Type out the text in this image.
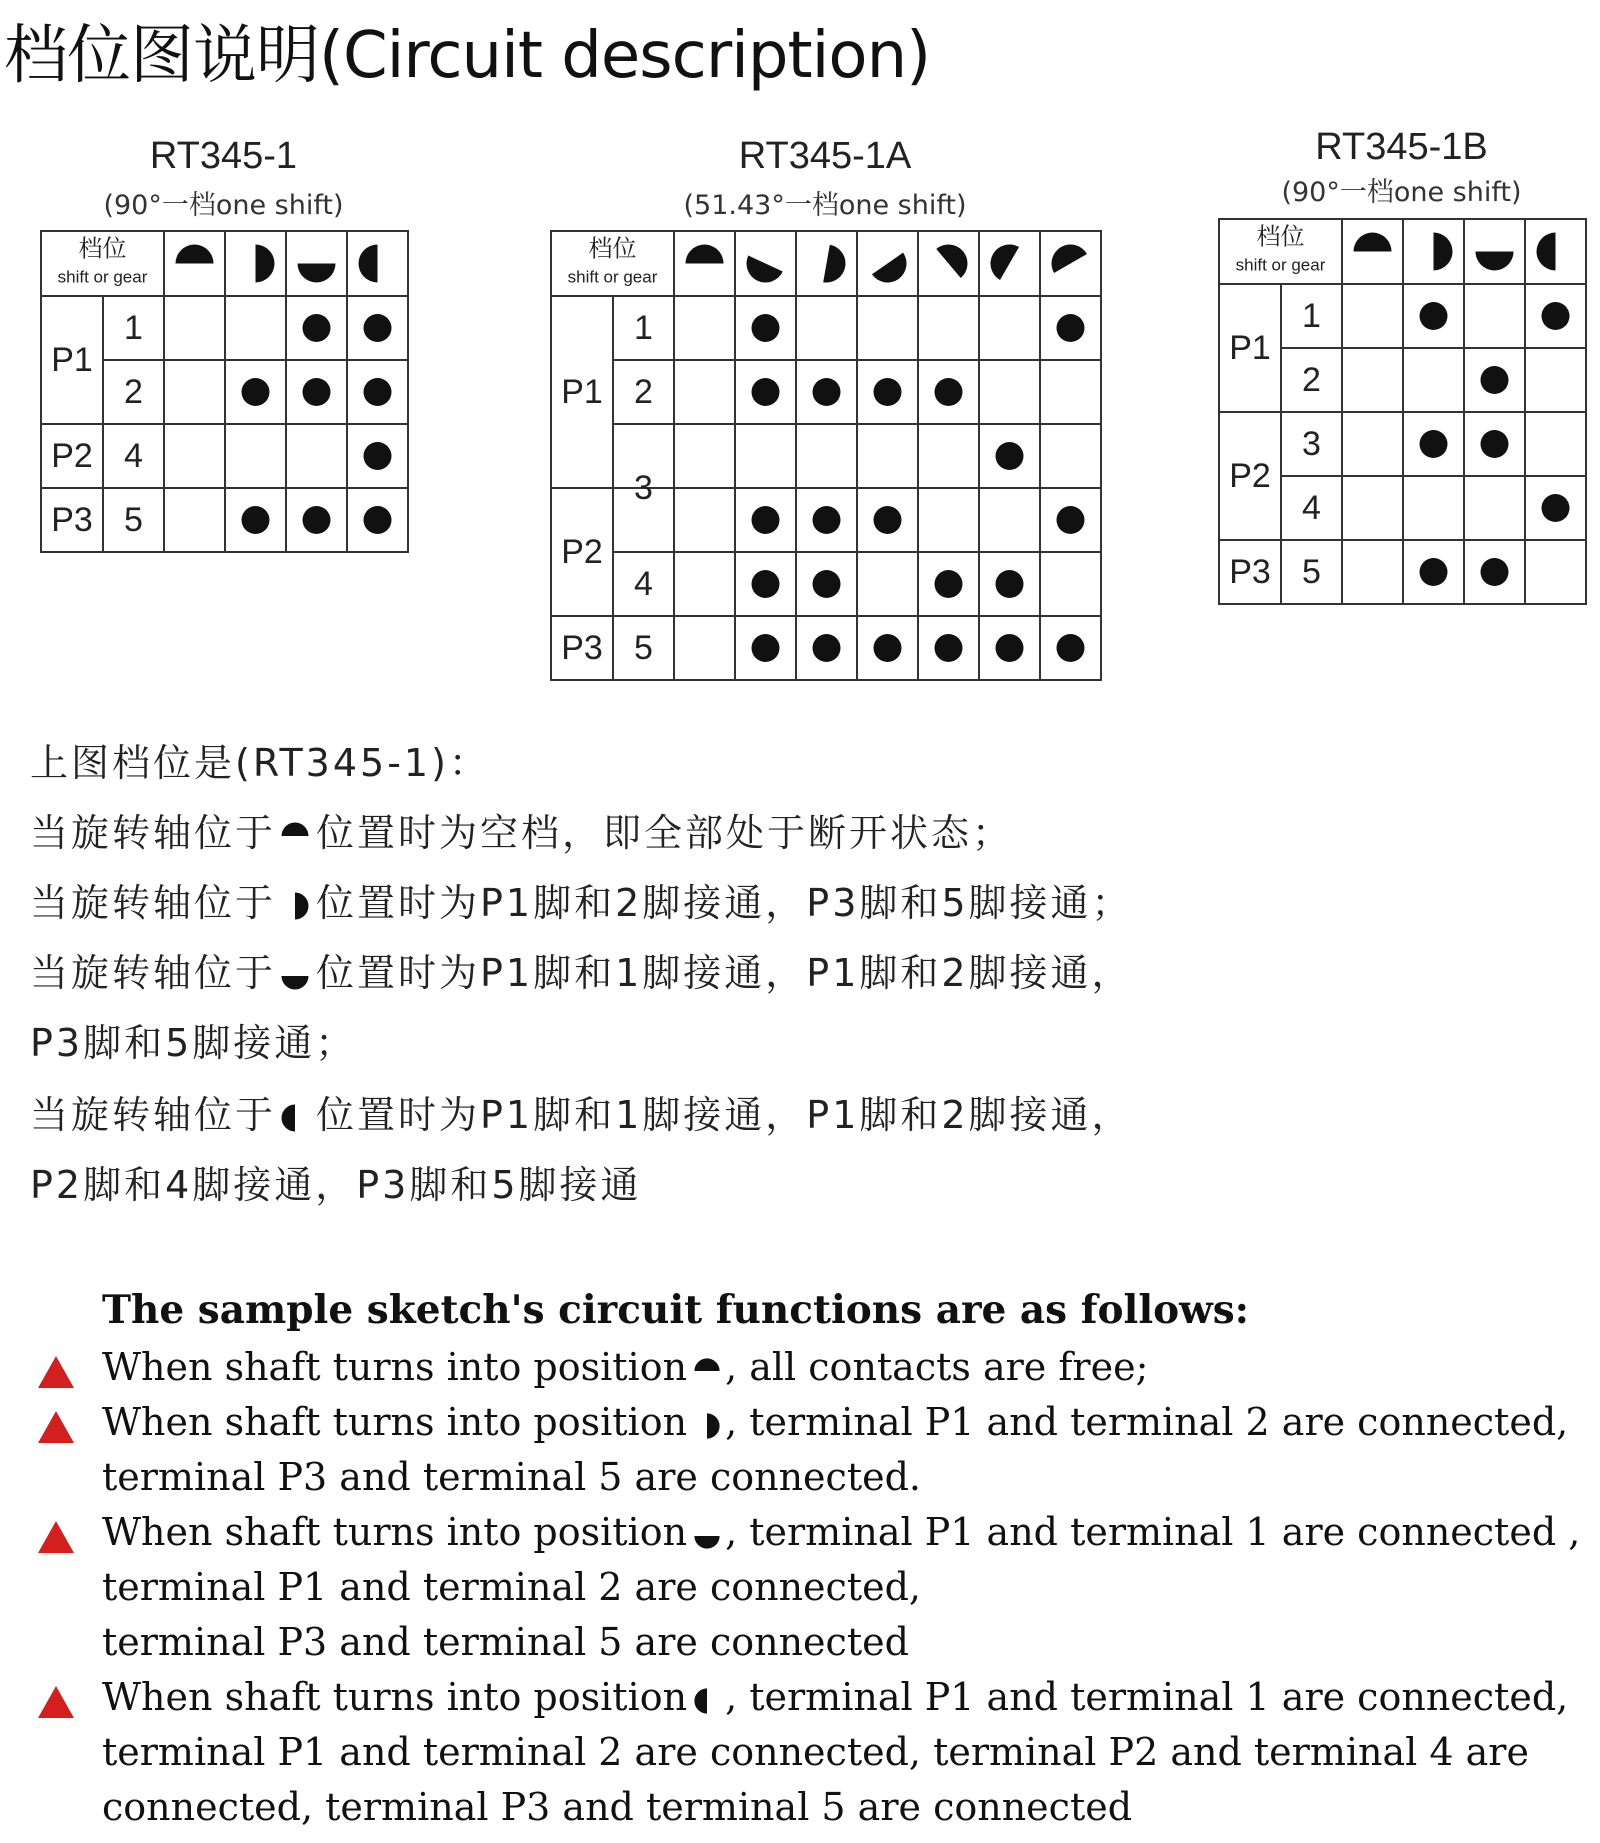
档位图说明(Circuit description)
RT345-1
(90°一档one shift)
档位
shift or gear
P1
P2
P3
1
2
4
5
RT345-1A
(51.43°一档one shift)
档位
shift or gear
P1
P2
P3
1
2
3
4
5
RT345-1B
(90°一档one shift)
档位
shift or gear
P1
P2
P3
1
2
3
4
5
上图档位是(RT345-1)：
当旋转轴位于 位置时为空档，即全部处于断开状态；
当旋转轴位于 位置时为P1脚和2脚接通，P3脚和5脚接通；
当旋转轴位于 位置时为P1脚和1脚接通，P1脚和2脚接通，
P3脚和5脚接通；
当旋转轴位于 位置时为P1脚和1脚接通，P1脚和2脚接通，
P2脚和4脚接通，P3脚和5脚接通
The sample sketch's circuit functions are as follows:
When shaft turns into position , all contacts are free;
When shaft turns into position , terminal P1 and terminal 2 are connected,
terminal P3 and terminal 5 are connected.
When shaft turns into position , terminal P1 and terminal 1 are connected ,
terminal P1 and terminal 2 are connected,
terminal P3 and terminal 5 are connected
When shaft turns into position , terminal P1 and terminal 1 are connected,
terminal P1 and terminal 2 are connected, terminal P2 and terminal 4 are
connected, terminal P3 and terminal 5 are connected
